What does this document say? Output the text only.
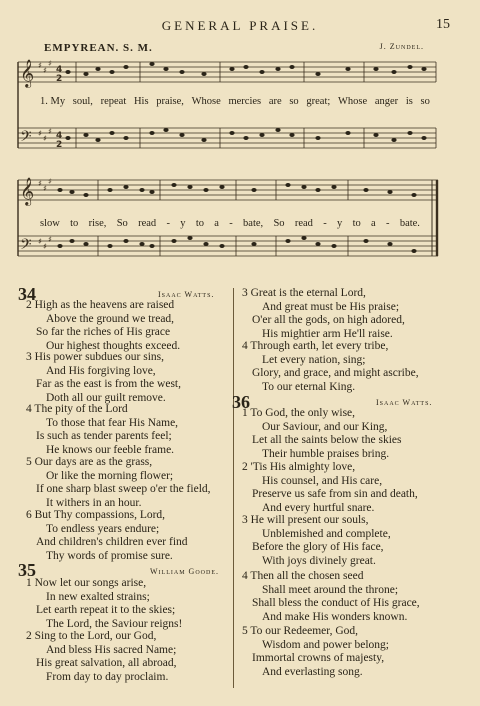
GENERAL PRAISE.	15
EMPYREAN. S. M.	J. Zundel.
𝄞
𝄢
♯
♯
♯
♯
♯
♯
4
2
4
2
1. My soul, repeat His praise, Whose mercies are so great; Whose anger is so
𝄞
𝄢
♯
♯
♯
♯
♯
♯
slow to rise, So read - y to a - bate, So read - y to a - bate.
34	Isaac Watts.
2 High as the heavens are raised
Above the ground we tread,
So far the riches of His grace
Our highest thoughts exceed.
3 His power subdues our sins,
And His forgiving love,
Far as the east is from the west,
Doth all our guilt remove.
4 The pity of the Lord
To those that fear His Name,
Is such as tender parents feel;
He knows our feeble frame.
5 Our days are as the grass,
Or like the morning flower;
If one sharp blast sweep o'er the field,
It withers in an hour.
6 But Thy compassions, Lord,
To endless years endure;
And children's children ever find
Thy words of promise sure.
35	William Goode.
1 Now let our songs arise,
In new exalted strains;
Let earth repeat it to the skies;
The Lord, the Saviour reigns!
2 Sing to the Lord, our God,
And bless His sacred Name;
His great salvation, all abroad,
From day to day proclaim.
3 Great is the eternal Lord,
And great must be His praise;
O'er all the gods, on high adored,
His mightier arm He'll raise.
4 Through earth, let every tribe,
Let every nation, sing;
Glory, and grace, and might ascribe,
To our eternal King.
36	Isaac Watts.
1 To God, the only wise,
Our Saviour, and our King,
Let all the saints below the skies
Their humble praises bring.
2 'Tis His almighty love,
His counsel, and His care,
Preserve us safe from sin and death,
And every hurtful snare.
3 He will present our souls,
Unblemished and complete,
Before the glory of His face,
With joys divinely great.
4 Then all the chosen seed
Shall meet around the throne;
Shall bless the conduct of His grace,
And make His wonders known.
5 To our Redeemer, God,
Wisdom and power belong;
Immortal crowns of majesty,
And everlasting song.
